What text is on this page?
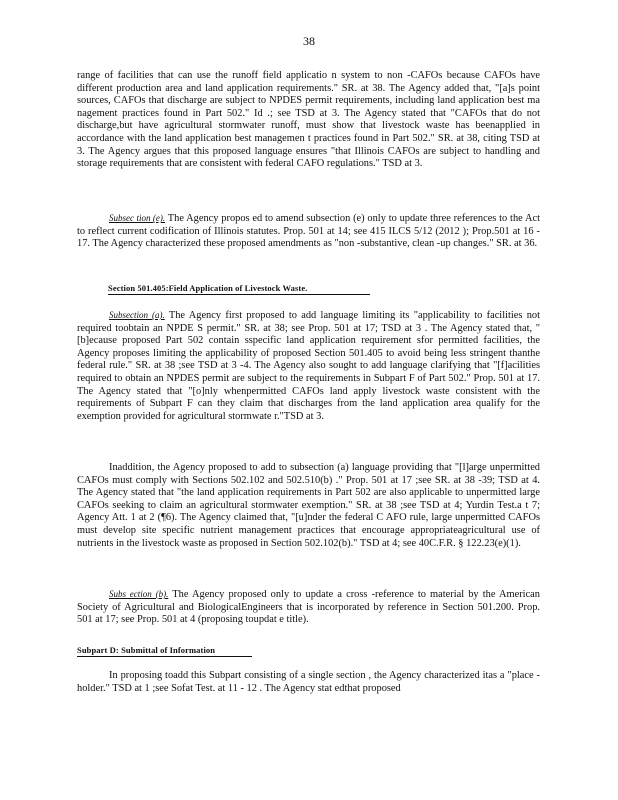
38
range of facilities that can use the runoff field applicatio n system to non -CAFOs because CAFOs have different production area and land application requirements." SR. at 38. The Agency added that, "[a]s point sources, CAFOs that discharge are subject to NPDES permit requirements, including land application best ma nagement practices found in Part 502." Id .; see TSD at 3. The Agency stated that "CAFOs that do not discharge,but have agricultural stormwater runoff, must show that livestock waste has beenapplied in accordance with the land application best managemen t practices found in Part 502." SR. at 38, citing TSD at 3. The Agency argues that this proposed language ensures "that Illinois CAFOs are subject to handling and storage requirements that are consistent with federal CAFO regulations." TSD at 3.
Subsec tion (e). The Agency propos ed to amend subsection (e) only to update three references to the Act to reflect current codification of Illinois statutes. Prop. 501 at 14; see 415 ILCS 5/12 (2012 ); Prop.501 at 16 - 17. The Agency characterized these proposed amendments as "non -substantive, clean -up changes." SR. at 36.
Section 501.405:Field Application of Livestock Waste.
Subsection (a). The Agency first proposed to add language limiting its "applicability to facilities not required toobtain an NPDE S permit." SR. at 38; see Prop. 501 at 17; TSD at 3 . The Agency stated that, "[b]ecause proposed Part 502 contain sspecific land application requirement sfor permitted facilities, the Agency proposes limiting the applicability of proposed Section 501.405 to avoid being less stringent thanthe federal rule." SR. at 38 ;see TSD at 3 -4. The Agency also sought to add language clarifying that "[f]acilities required to obtain an NPDES permit are subject to the requirements in Subpart F of Part 502." Prop. 501 at 17. The Agency stated that "[o]nly whenpermitted CAFOs land apply livestock waste consistent with the requirements of Subpart F can they claim that discharges from the land application area qualify for the exemption provided for agricultural stormwate r."TSD at 3.
Inaddition, the Agency proposed to add to subsection (a) language providing that "[l]arge unpermitted CAFOs must comply with Sections 502.102 and 502.510(b) ." Prop. 501 at 17 ;see SR. at 38 -39; TSD at 4. The Agency stated that "the land application requirements in Part 502 are also applicable to unpermitted large CAFOs seeking to claim an agricultural stormwater exemption." SR. at 38 ;see TSD at 4; Yurdin Test.a t 7; Agency Att. 1 at 2 (¶6). The Agency claimed that, "[u]nder the federal C AFO rule, large unpermitted CAFOs must develop site specific nutrient management practices that encourage appropriateagricultural use of nutrients in the livestock waste as proposed in Section 502.102(b)." TSD at 4; see 40C.F.R. § 122.23(e)(1).
Subs ection (b). The Agency proposed only to update a cross -reference to material by the American Society of Agricultural and BiologicalEngineers that is incorporated by reference in Section 501.200. Prop. 501 at 17; see Prop. 501 at 4 (proposing toupdat e title).
Subpart D: Submittal of Information
In proposing toadd this Subpart consisting of a single section , the Agency characterized itas a "place -holder." TSD at 1 ;see Sofat Test. at 11 - 12 . The Agency stat edthat proposed
